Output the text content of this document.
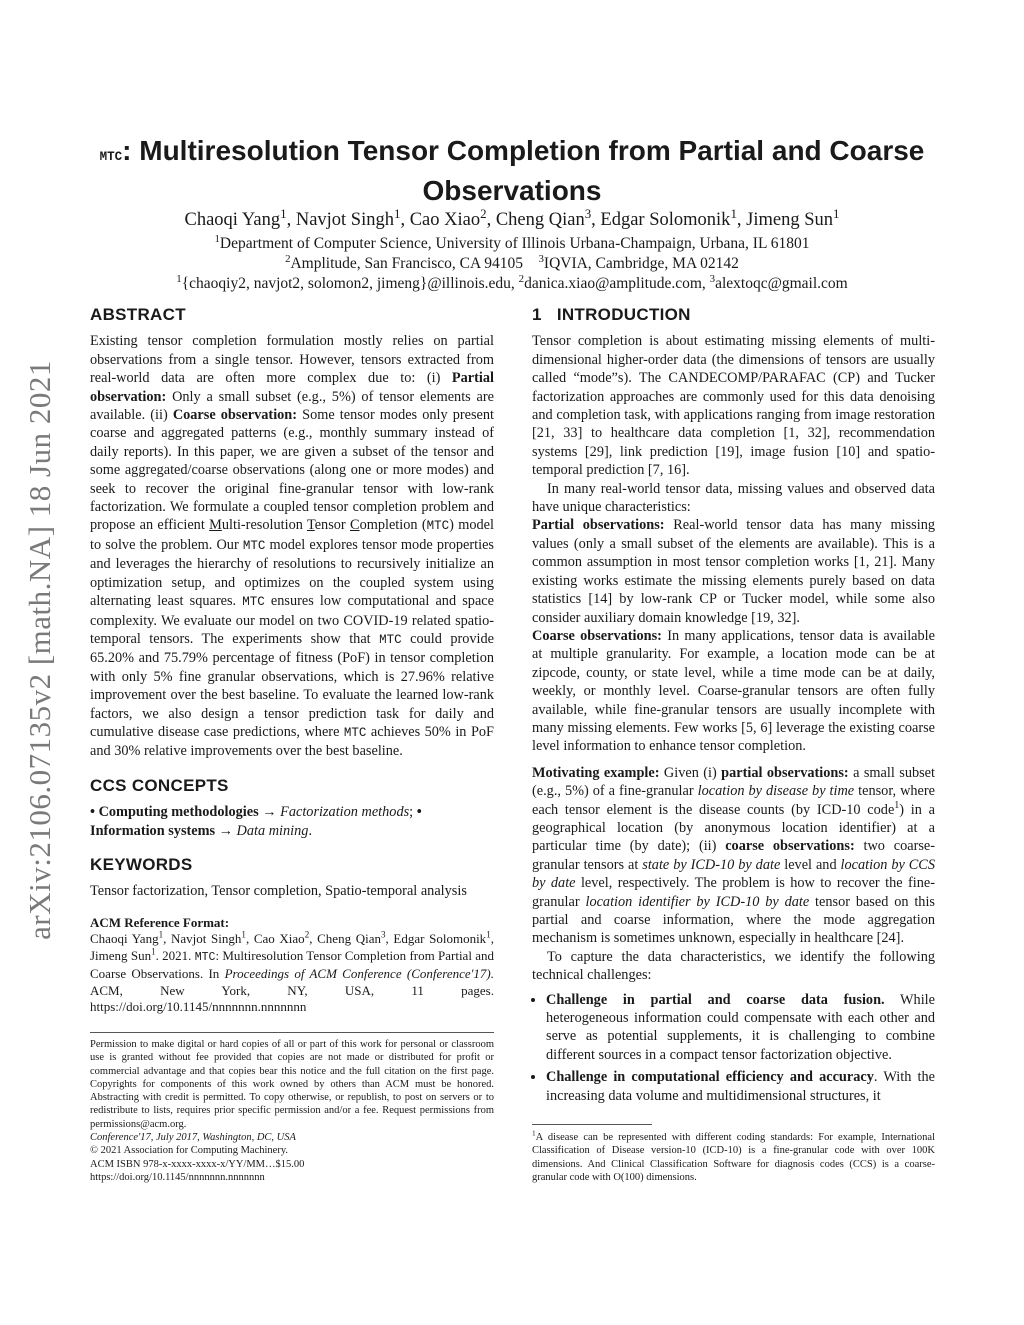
arXiv:2106.07135v2 [math.NA] 18 Jun 2021
MTC: Multiresolution Tensor Completion from Partial and Coarse Observations
Chaoqi Yang$^1$, Navjot Singh$^1$, Cao Xiao$^2$, Cheng Qian$^3$, Edgar Solomonik$^1$, Jimeng Sun$^1$
$^1$Department of Computer Science, University of Illinois Urbana-Champaign, Urbana, IL 61801
$^2$Amplitude, San Francisco, CA 94105 $^3$IQVIA, Cambridge, MA 02142
$^1${chaoqiy2, navjot2, solomon2, jimeng}@illinois.edu, $^2$danica.xiao@amplitude.com, $^3$alextoqc@gmail.com
ABSTRACT

Existing tensor completion formulation mostly relies on partial observations from a single tensor. However, tensors extracted from real-world data are often more complex due to: (i) Partial observation: Only a small subset (e.g., 5%) of tensor elements are available. (ii) Coarse observation: Some tensor modes only present coarse and aggregated patterns (e.g., monthly summary instead of daily reports). In this paper, we are given a subset of the tensor and some aggregated/coarse observations (along one or more modes) and seek to recover the original fine-granular tensor with low-rank factorization. We formulate a coupled tensor completion problem and propose an efficient Multi-resolution Tensor Completion (MTC) model to solve the problem. Our MTC model explores tensor mode properties and leverages the hierarchy of resolutions to recursively initialize an optimization setup, and optimizes on the coupled system using alternating least squares. MTC ensures low computational and space complexity. We evaluate our model on two COVID-19 related spatio-temporal tensors. The experiments show that MTC could provide 65.20% and 75.79% percentage of fitness (PoF) in tensor completion with only 5% fine granular observations, which is 27.96% relative improvement over the best baseline. To evaluate the learned low-rank factors, we also design a tensor prediction task for daily and cumulative disease case predictions, where MTC achieves 50% in PoF and 30% relative improvements over the best baseline.

CCS CONCEPTS

• Computing methodologies → Factorization methods; • Information systems → Data mining.

KEYWORDS

Tensor factorization, Tensor completion, Spatio-temporal analysis

ACM Reference Format:
Chaoqi Yang$^1$, Navjot Singh$^1$, Cao Xiao$^2$, Cheng Qian$^3$, Edgar Solomonik$^1$, Jimeng Sun$^1$. 2021. MTC: Multiresolution Tensor Completion from Partial and Coarse Observations. In Proceedings of ACM Conference (Conference'17). ACM, New York, NY, USA, 11 pages. https://doi.org/10.1145/nnnnnnn.nnnnnnn

Permission to make digital or hard copies of all or part of this work for personal or classroom use is granted without fee provided that copies are not made or distributed for profit or commercial advantage and that copies bear this notice and the full citation on the first page. Copyrights for components of this work owned by others than ACM must be honored. Abstracting with credit is permitted. To copy otherwise, or republish, to post on servers or to redistribute to lists, requires prior specific permission and/or a fee. Request permissions from permissions@acm.org.

Conference'17, July 2017, Washington, DC, USA

© 2021 Association for Computing Machinery.

ACM ISBN 978-x-xxxx-xxxx-x/YY/MM…$15.00

https://doi.org/10.1145/nnnnnnn.nnnnnnn

1   INTRODUCTION

Tensor completion is about estimating missing elements of multi-dimensional higher-order data (the dimensions of tensors are usually called “mode”s). The CANDECOMP/PARAFAC (CP) and Tucker factorization approaches are commonly used for this data denoising and completion task, with applications ranging from image restoration [21, 33] to healthcare data completion [1, 32], recommendation systems [29], link prediction [19], image fusion [10] and spatio-temporal prediction [7, 16].

In many real-world tensor data, missing values and observed data have unique characteristics:

Partial observations: Real-world tensor data has many missing values (only a small subset of the elements are available). This is a common assumption in most tensor completion works [1, 21]. Many existing works estimate the missing elements purely based on data statistics [14] by low-rank CP or Tucker model, while some also consider auxiliary domain knowledge [19, 32].

Coarse observations: In many applications, tensor data is available at multiple granularity. For example, a location mode can be at zipcode, county, or state level, while a time mode can be at daily, weekly, or monthly level. Coarse-granular tensors are often fully available, while fine-granular tensors are usually incomplete with many missing elements. Few works [5, 6] leverage the existing coarse level information to enhance tensor completion.

Motivating example: Given (i) partial observations: a small subset (e.g., 5%) of a fine-granular location by disease by time tensor, where each tensor element is the disease counts (by ICD-10 code$^1$) in a geographical location (by anonymous location identifier) at a particular time (by date); (ii) coarse observations: two coarse-granular tensors at state by ICD-10 by date level and location by CCS by date level, respectively. The problem is how to recover the fine-granular location identifier by ICD-10 by date tensor based on this partial and coarse information, where the mode aggregation mechanism is sometimes unknown, especially in healthcare [24].

To capture the data characteristics, we identify the following technical challenges:

• Challenge in partial and coarse data fusion. While heterogeneous information could compensate with each other and serve as potential supplements, it is challenging to combine different sources in a compact tensor factorization objective.
• Challenge in computational efficiency and accuracy. With the increasing data volume and multidimensional structures, it

$^1$A disease can be represented with different coding standards: For example, International Classification of Disease version-10 (ICD-10) is a fine-granular code with over 100K dimensions. And Clinical Classification Software for diagnosis codes (CCS) is a coarse-granular code with O(100) dimensions.
